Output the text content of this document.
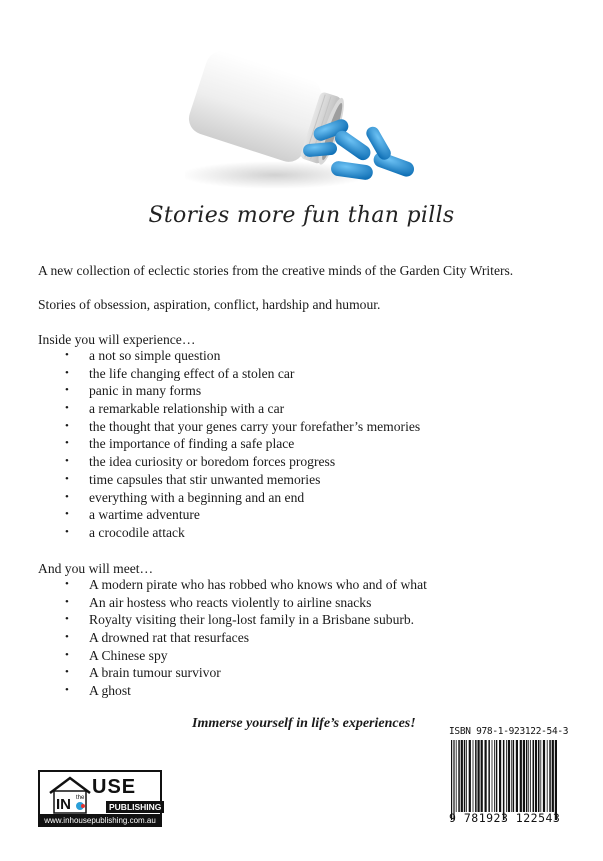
Stories more fun than pills

A new collection of eclectic stories from the creative minds of the Garden City Writers.

Stories of obsession, aspiration, conflict, hardship and humour.

Inside you will experience…

• a not so simple question
• the life changing effect of a stolen car
• panic in many forms
• a remarkable relationship with a car
• the thought that your genes carry your forefather’s memories
• the importance of finding a safe place
• the idea curiosity or boredom forces progress
• time capsules that stir unwanted memories
• everything with a beginning and an end
• a wartime adventure
• a crocodile attack

And you will meet…

• A modern pirate who has robbed who knows who and of what
• An air hostess who reacts violently to airline snacks
• Royalty visiting their long-lost family in a Brisbane suburb.
• A drowned rat that resurfaces
• A Chinese spy
• A brain tumour survivor
• A ghost
Immerse yourself in life’s experiences!
ISBN 978-1-923122-54-3
9 781923 122543
IN the USE
PUBLISHING
www.inhousepublishing.com.au
